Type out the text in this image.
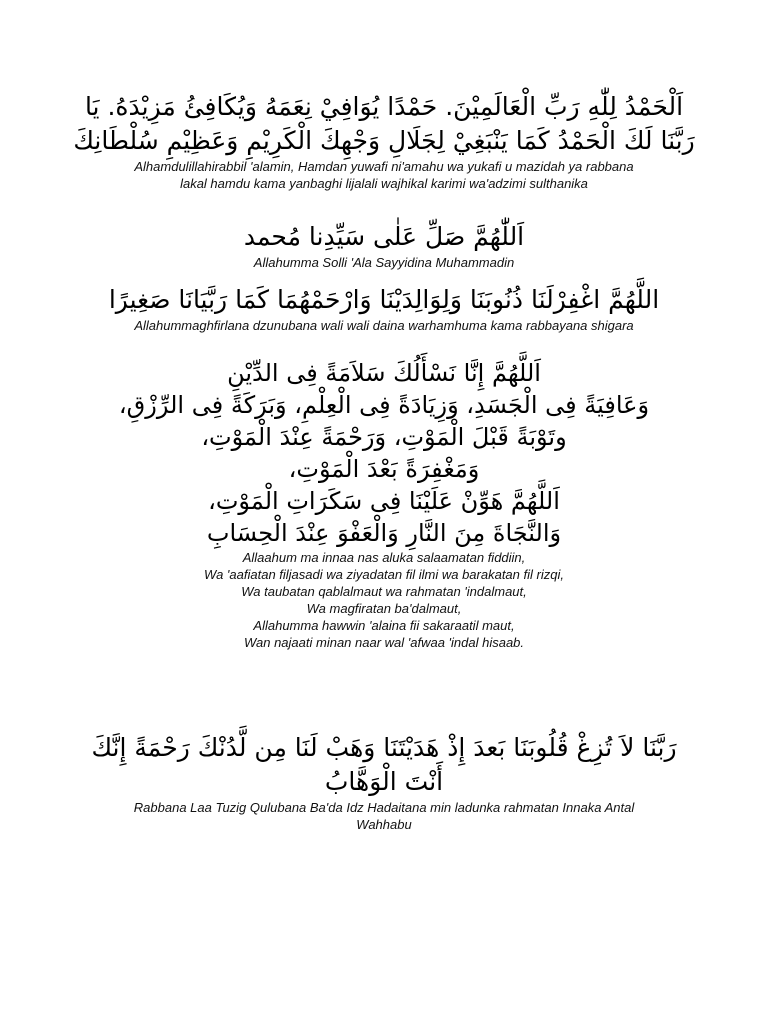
اَلْحَمْدُ لِلّٰهِ رَبِّ الْعَالَمِيْنَ. حَمْدًا يُوَافِيْ نِعَمَهُ وَيُكَافِئُ مَزِيْدَهُ. يَا

رَبَّنَا لَكَ الْحَمْدُ كَمَا يَنْبَغِيْ لِجَلَالِ وَجْهِكَ الْكَرِيْمِ وَعَظِيْمِ سُلْطَانِكَ

Alhamdulillahirabbil 'alamin, Hamdan yuwafi ni'amahu wa yukafi u mazidah ya rabbana

lakal hamdu kama yanbaghi lijalali wajhikal karimi wa'adzimi sulthanika

اَللّٰهُمَّ صَلِّ عَلٰى سَيِّدِنا مُحمد

Allahumma Solli 'Ala Sayyidina Muhammadin

اللَّهُمَّ اغْفِرْلَنَا ذُنُوبَنَا وَلِوَالِدَيْنَا وَارْحَمْهُمَا كَمَا رَبَّيَانَا صَغِيرًا

Allahummaghfirlana dzunubana wali wali daina warhamhuma kama rabbayana shigara

اَللَّهُمَّ إِنَّا نَسْأَلُكَ سَلاَمَةً فِى الدِّيْنِ

وَعَافِيَةً فِى الْجَسَدِ، وَزِيَادَةً فِى الْعِلْمِ، وَبَرَكَةً فِى الرِّزْقِ،

وتَوْبَةً قَبْلَ الْمَوْتِ، وَرَحْمَةً عِنْدَ الْمَوْتِ،

وَمَغْفِرَةً بَعْدَ الْمَوْتِ،

اَللَّهُمَّ هَوِّنْ عَلَيْنَا فِى سَكَرَاتِ الْمَوْتِ،

وَالنَّجَاةَ مِنَ النَّارِ وَالْعَفْوَ عِنْدَ الْحِسَابِ

Allaahum ma innaa nas aluka salaamatan fiddiin,

Wa 'aafiatan filjasadi wa ziyadatan fil ilmi wa barakatan fil rizqi,

Wa taubatan qablalmaut wa rahmatan 'indalmaut,

Wa magfiratan ba'dalmaut,

Allahumma hawwin 'alaina fii sakaraatil maut,

Wan najaati minan naar wal 'afwaa 'indal hisaab.

رَبَّنَا لاَ تُزِغْ قُلُوبَنَا بَعدَ إِذْ هَدَيْتَنَا وَهَبْ لَنَا مِن لَّدُنْكَ رَحْمَةً إِنَّكَ

أَنْتَ الْوَهَّابُ

Rabbana Laa Tuzig Qulubana Ba'da Idz Hadaitana min ladunka rahmatan Innaka Antal

Wahhabu
